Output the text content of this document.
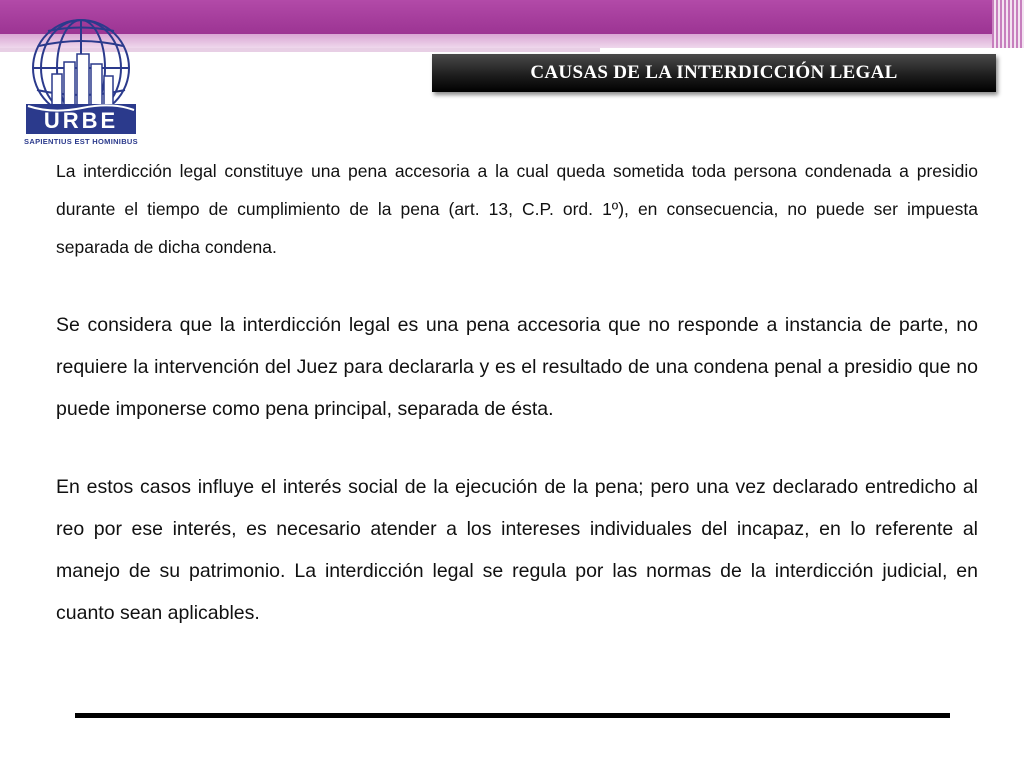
URBE
SAPIENTIUS EST HOMINIBUS
CAUSAS DE LA INTERDICCIÓN LEGAL

La interdicción legal constituye una pena accesoria a la cual queda sometida toda persona condenada a presidio durante el tiempo de cumplimiento de la pena (art. 13, C.P. ord. 1º), en consecuencia, no puede ser impuesta separada de dicha condena.

Se considera que la interdicción legal es una pena accesoria que no responde a instancia de parte, no requiere la intervención del Juez para declararla y es el resultado de una condena penal a presidio que no puede imponerse como pena principal, separada de ésta.

En estos casos influye el interés social de la ejecución de la pena; pero una vez declarado entredicho al reo por ese interés, es necesario atender a los intereses individuales del incapaz, en lo referente al manejo de su patrimonio. La interdicción legal se regula por las normas de la interdicción judicial, en cuanto sean aplicables.
